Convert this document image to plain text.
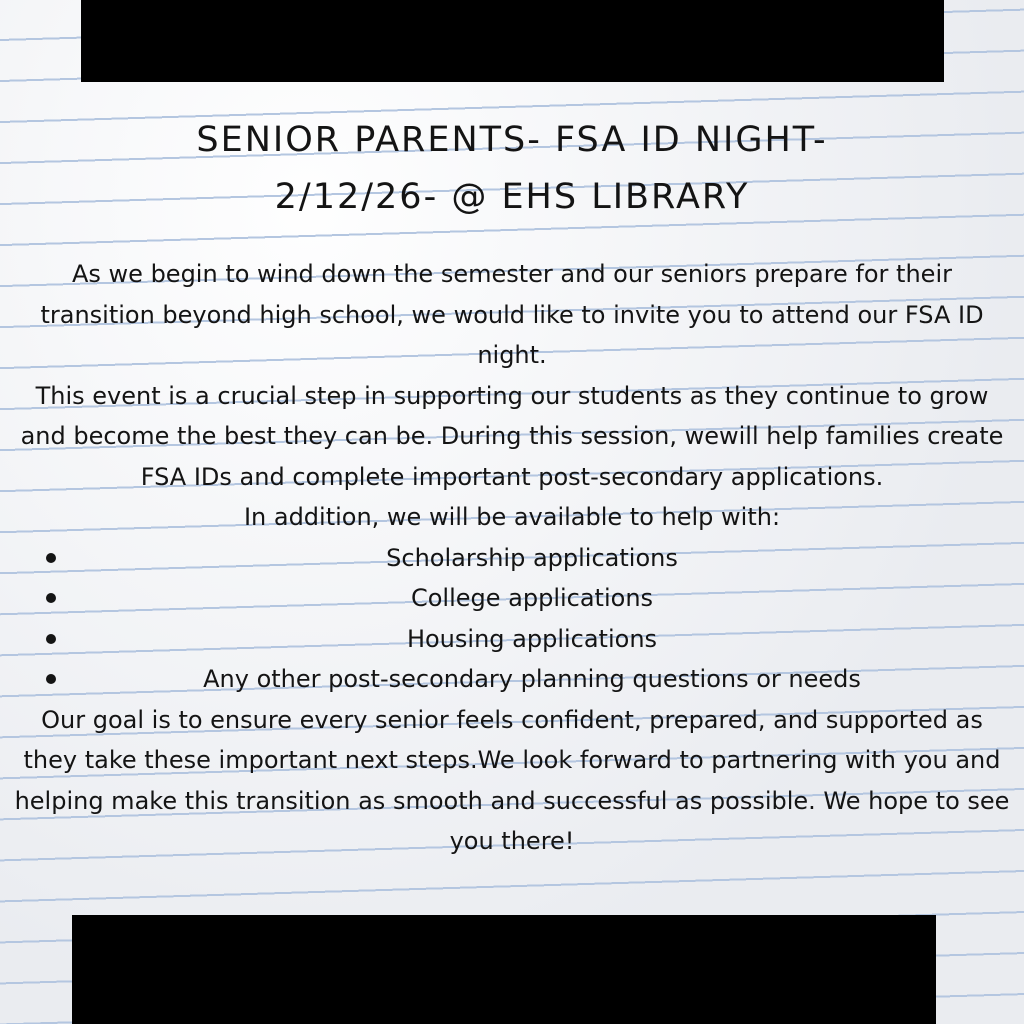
SENIOR PARENTS- FSA ID NIGHT-
2/12/26- @ EHS LIBRARY

As we begin to wind down the semester and our seniors prepare for their transition beyond high school, we would like to invite you to attend our FSA ID night.

This event is a crucial step in supporting our students as they continue to grow and become the best they can be. During this session, wewill help families create FSA IDs and complete important post-secondary applications.

In addition, we will be available to help with:

Scholarship applications
College applications
Housing applications
Any other post-secondary planning questions or needs

Our goal is to ensure every senior feels confident, prepared, and supported as they take these important next steps.We look forward to partnering with you and helping make this transition as smooth and successful as possible. We hope to see you there!
